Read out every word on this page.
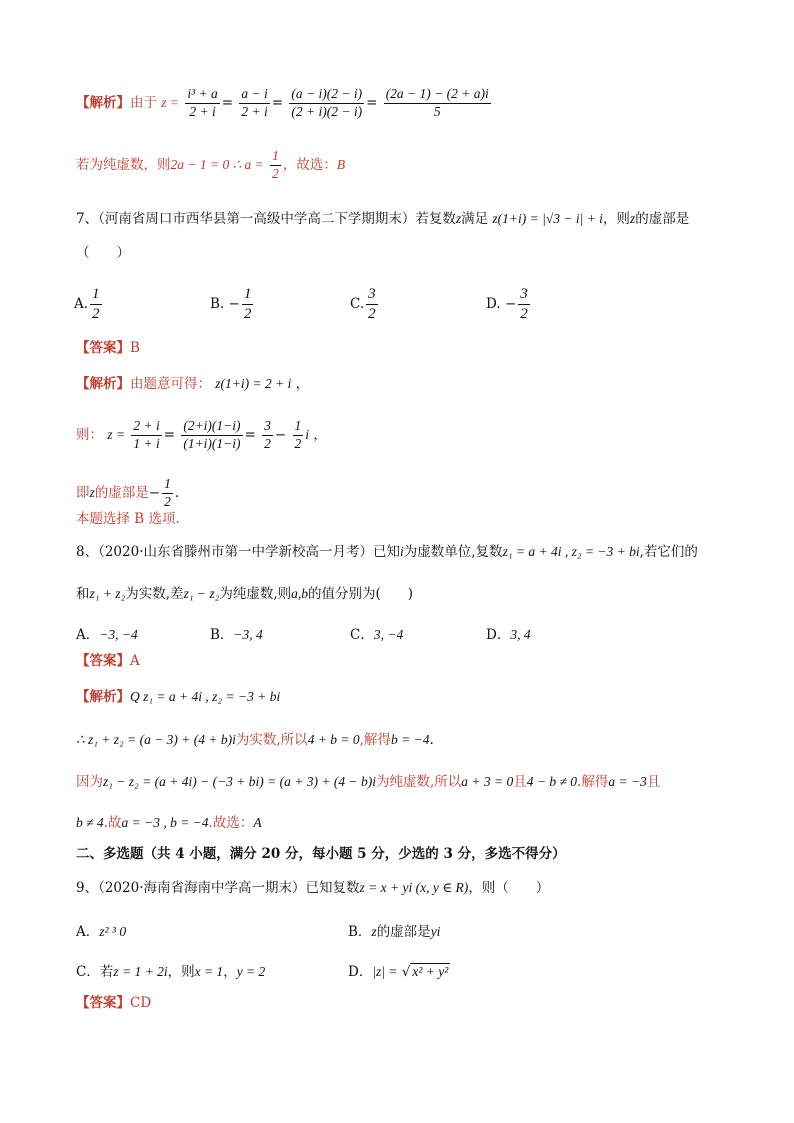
【解析】由于 $z = \frac{\text{i³ + a}}{2 + i} = \frac{a - i}{2 + i} = \frac{(a - i)(2 - i)}{(2 + i)(2 - i)} = \frac{(2a - 1) - (2 + a)i}{5}$
若为纯虚数，则2a − 1 = 0 ∴ $a = \frac{1}{2}$ ，故选：B
7、（河南省周口市西华县第一高级中学高二下学期期末）若复数z满足 z(1+i) = |√3 − i| + i，则z的虚部是
（　　）
A. $\frac{1}{2}$	B. − $\frac{1}{2}$	C. $\frac{3}{2}$	D. − $\frac{3}{2}$
【答案】B
【解析】由题意可得： z(1+i) = 2 + i ，
则： $z = \frac{2 + i}{1 + i} = \frac{(2+i)(1-i)}{(1+i)(1-i)} = \frac{3}{2} - \frac{1}{2}$ i ，
即z的虚部是− $\frac{1}{2}$ .
本题选择 B 选项.
8、（2020·山东省滕州市第一中学新校高一月考）已知i为虚数单位,复数z₁ = a + 4i , z₂ = −3 + bi,若它们的
和z₁ + z₂为实数,差z₁ − z₂为纯虚数,则a,b的值分别为(　　)
A．−3, −4	B．−3, 4	C．3, −4	D．3, 4
【答案】A
【解析】Q z₁ = a + 4i , z₂ = −3 + bi
∴ z₁ + z₂ = (a − 3) + (4 + b)i为实数,所以4 + b = 0,解得b = −4.
因为z₁ − z₂ = (a + 4i) − (−3 + bi) = (a + 3) + (4 − b)i为纯虚数,所以a + 3 = 0且4 − b ≠ 0.解得a = −3且
b ≠ 4.故a = −3 , b = −4.故选：A
二、多选题（共 4 小题，满分 20 分，每小题 5 分，少选的 3 分，多选不得分）
9、（2020·海南省海南中学高一期末）已知复数z = x + yi (x, y ∈ R)，则（　　）
A．z² ³ 0	B．z的虚部是yi
C．若z = 1 + 2i，则x = 1，y = 2	D．|z| = √ x² + y²
【答案】CD
